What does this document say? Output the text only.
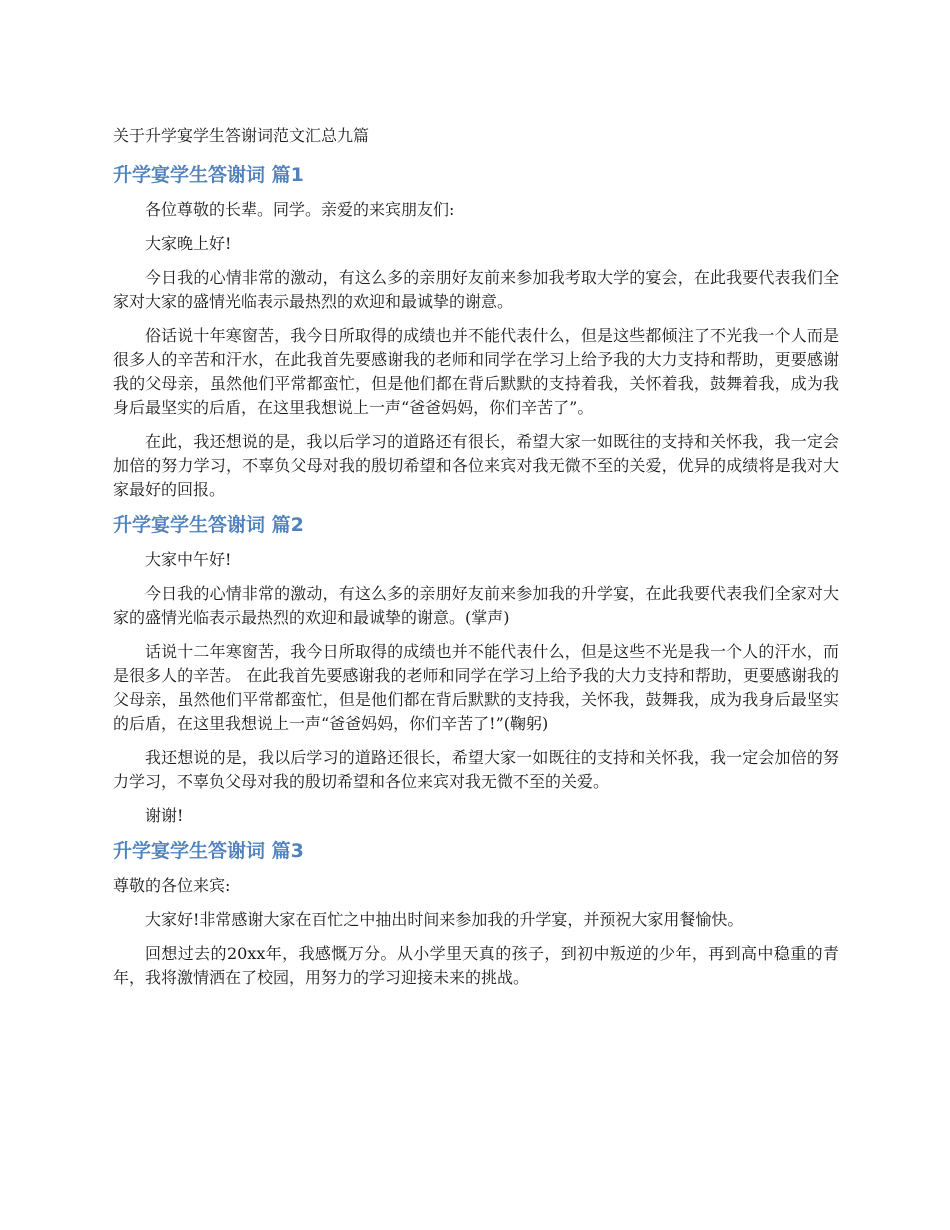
关于升学宴学生答谢词范文汇总九篇
升学宴学生答谢词 篇1

各位尊敬的长辈。同学。亲爱的来宾朋友们:

大家晚上好!

今日我的心情非常的激动，有这么多的亲朋好友前来参加我考取大学的宴会，在此我要代表我们全家对大家的盛情光临表示最热烈的欢迎和最诚挚的谢意。

俗话说十年寒窗苦，我今日所取得的成绩也并不能代表什么，但是这些都倾注了不光我一个人而是很多人的辛苦和汗水，在此我首先要感谢我的老师和同学在学习上给予我的大力支持和帮助，更要感谢我的父母亲，虽然他们平常都蛮忙，但是他们都在背后默默的支持着我，关怀着我，鼓舞着我，成为我身后最坚实的后盾，在这里我想说上一声“爸爸妈妈，你们辛苦了”。

在此，我还想说的是，我以后学习的道路还有很长，希望大家一如既往的支持和关怀我，我一定会加倍的努力学习，不辜负父母对我的殷切希望和各位来宾对我无微不至的关爱，优异的成绩将是我对大家最好的回报。

升学宴学生答谢词 篇2

大家中午好!

今日我的心情非常的激动，有这么多的亲朋好友前来参加我的升学宴，在此我要代表我们全家对大家的盛情光临表示最热烈的欢迎和最诚挚的谢意。(掌声)

话说十二年寒窗苦，我今日所取得的成绩也并不能代表什么，但是这些不光是我一个人的汗水，而是很多人的辛苦。 在此我首先要感谢我的老师和同学在学习上给予我的大力支持和帮助，更要感谢我的父母亲，虽然他们平常都蛮忙，但是他们都在背后默默的支持我，关怀我，鼓舞我，成为我身后最坚实的后盾，在这里我想说上一声“爸爸妈妈，你们辛苦了!”(鞠躬)

我还想说的是，我以后学习的道路还很长，希望大家一如既往的支持和关怀我，我一定会加倍的努力学习，不辜负父母对我的殷切希望和各位来宾对我无微不至的关爱。

谢谢!

升学宴学生答谢词 篇3

尊敬的各位来宾:

大家好!非常感谢大家在百忙之中抽出时间来参加我的升学宴，并预祝大家用餐愉快。

回想过去的20xx年，我感慨万分。从小学里天真的孩子，到初中叛逆的少年，再到高中稳重的青年，我将激情洒在了校园，用努力的学习迎接未来的挑战。
